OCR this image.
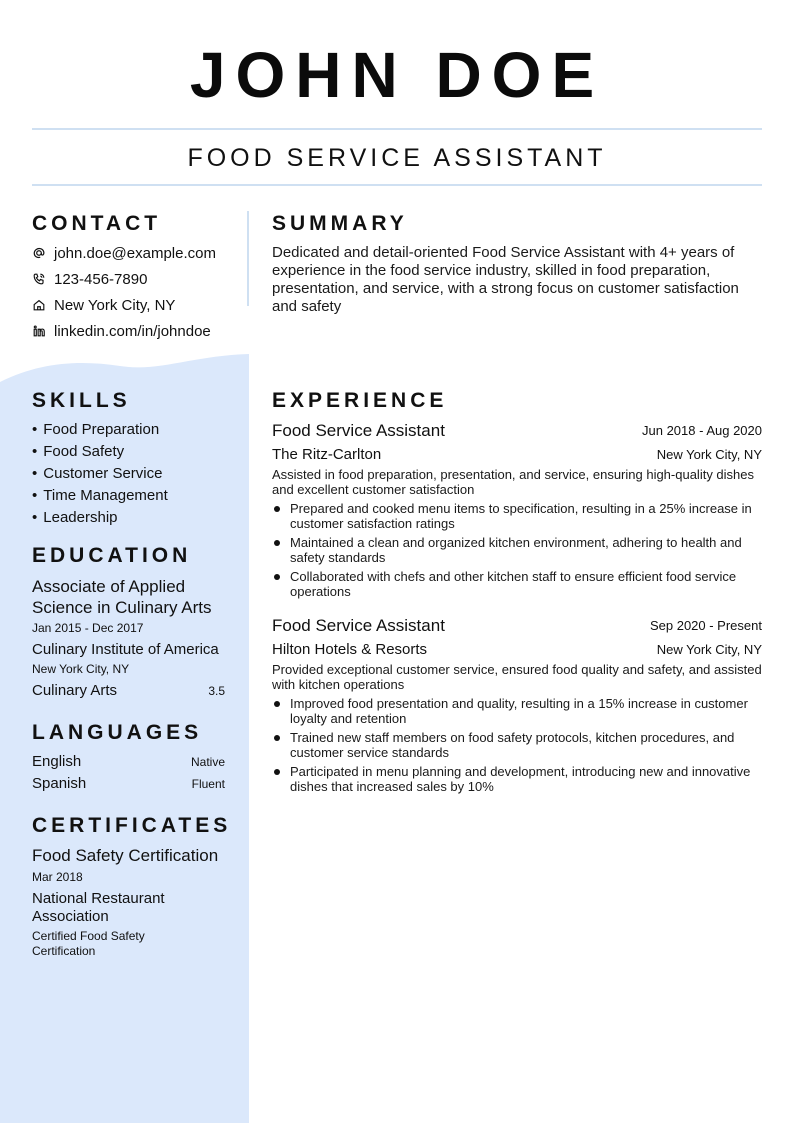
JOHN DOE
FOOD SERVICE ASSISTANT
CONTACT
john.doe@example.com
123-456-7890
New York City, NY
linkedin.com/in/johndoe
SKILLS
• Food Preparation
• Food Safety
• Customer Service
• Time Management
• Leadership
EDUCATION
Associate of Applied Science in Culinary Arts
Jan 2015 - Dec 2017
Culinary Institute of America
New York City, NY
Culinary Arts	3.5
LANGUAGES
English	Native
Spanish	Fluent
CERTIFICATES
Food Safety Certification
Mar 2018
National Restaurant Association
Certified Food Safety Certification
SUMMARY
Dedicated and detail-oriented Food Service Assistant with 4+ years of experience in the food service industry, skilled in food preparation, presentation, and service, with a strong focus on customer satisfaction and safety
EXPERIENCE
Food Service Assistant	Jun 2018 - Aug 2020
The Ritz-Carlton	New York City, NY
Assisted in food preparation, presentation, and service, ensuring high-quality dishes and excellent customer satisfaction
Prepared and cooked menu items to specification, resulting in a 25% increase in customer satisfaction ratings
Maintained a clean and organized kitchen environment, adhering to health and safety standards
Collaborated with chefs and other kitchen staff to ensure efficient food service operations
Food Service Assistant	Sep 2020 - Present
Hilton Hotels & Resorts	New York City, NY
Provided exceptional customer service, ensured food quality and safety, and assisted with kitchen operations
Improved food presentation and quality, resulting in a 15% increase in customer loyalty and retention
Trained new staff members on food safety protocols, kitchen procedures, and customer service standards
Participated in menu planning and development, introducing new and innovative dishes that increased sales by 10%
